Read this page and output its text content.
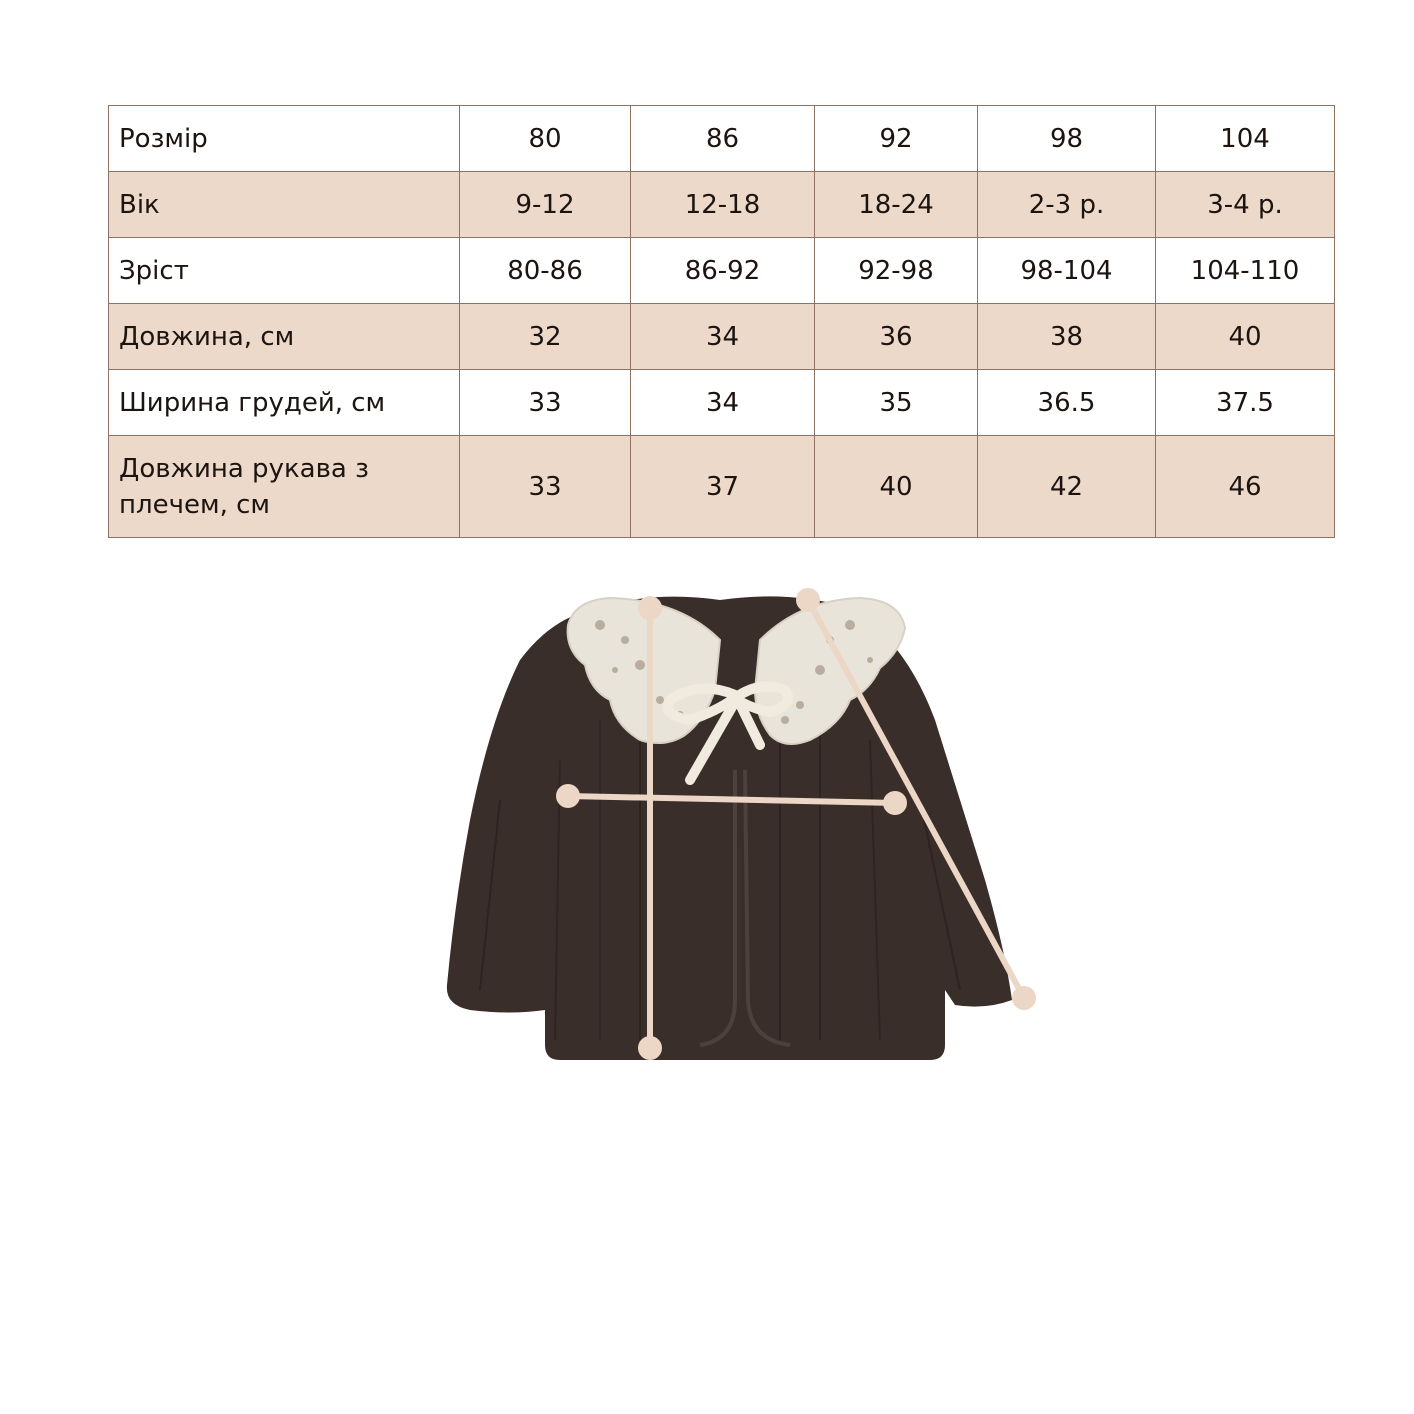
Розмір	80	86	92	98	104
Вік	9-12	12-18	18-24	2-3 р.	3-4 р.
Зріст	80-86	86-92	92-98	98-104	104-110
Довжина, см	32	34	36	38	40
Ширина грудей, см	33	34	35	36.5	37.5
Довжина рукава з плечем, см	33	37	40	42	46
